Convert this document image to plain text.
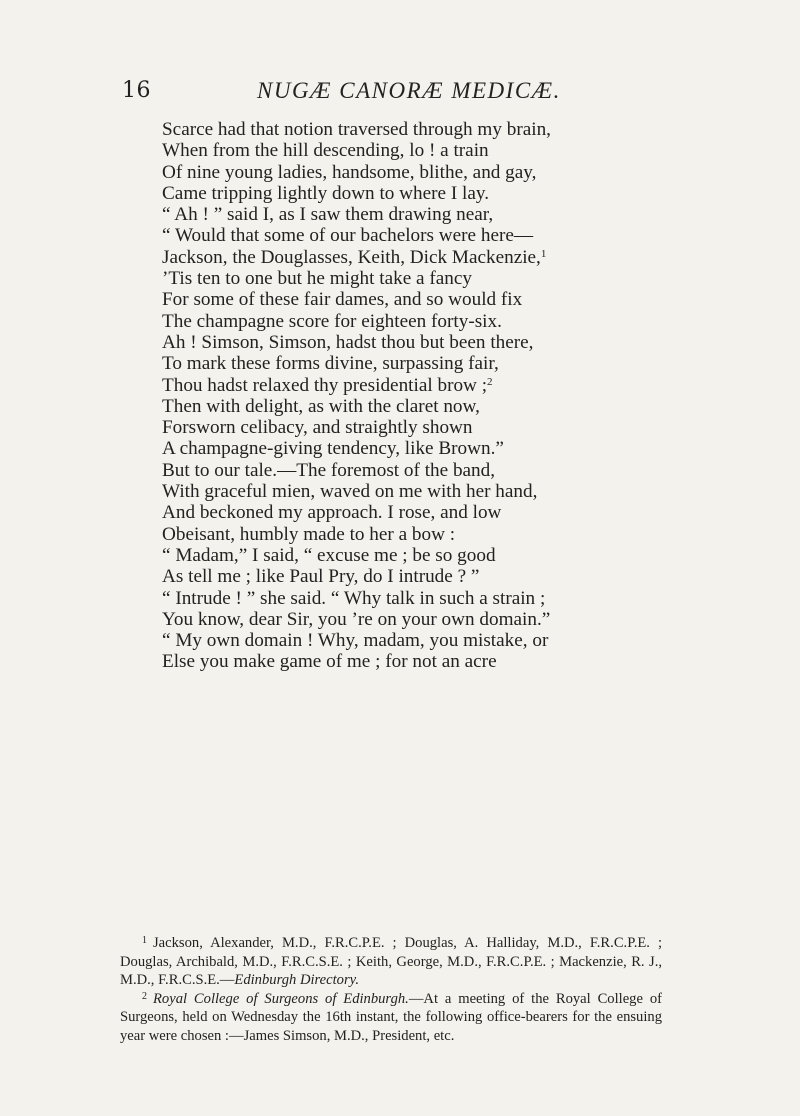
16	NUGÆ CANORÆ MEDICÆ.
Scarce had that notion traversed through my brain,
When from the hill descending, lo ! a train
Of nine young ladies, handsome, blithe, and gay,
Came tripping lightly down to where I lay.
“ Ah ! ” said I, as I saw them drawing near,
“ Would that some of our bachelors were here—
Jackson, the Douglasses, Keith, Dick Mackenzie,$^1$
’Tis ten to one but he might take a fancy
For some of these fair dames, and so would fix
The champagne score for eighteen forty-six.
Ah ! Simson, Simson, hadst thou but been there,
To mark these forms divine, surpassing fair,
Thou hadst relaxed thy presidential brow ;$^2$
Then with delight, as with the claret now,
Forsworn celibacy, and straightly shown
A champagne-giving tendency, like Brown.”
But to our tale.—The foremost of the band,
With graceful mien, waved on me with her hand,
And beckoned my approach. I rose, and low
Obeisant, humbly made to her a bow :
“ Madam,” I said, “ excuse me ; be so good
As tell me ; like Paul Pry, do I intrude ? ”
“ Intrude ! ” she said. “ Why talk in such a strain ;
You know, dear Sir, you ’re on your own domain.”
“ My own domain ! Why, madam, you mistake, or
Else you make game of me ; for not an acre

$^1$ Jackson, Alexander, M.D., F.R.C.P.E. ; Douglas, A. Halliday, M.D., F.R.C.P.E. ; Douglas, Archibald, M.D., F.R.C.S.E. ; Keith, George, M.D., F.R.C.P.E. ; Mackenzie, R. J., M.D., F.R.C.S.E.—Edinburgh Directory.

$^2$ Royal College of Surgeons of Edinburgh.—At a meeting of the Royal College of Surgeons, held on Wednesday the 16th instant, the following office-bearers for the ensuing year were chosen :—James Simson, M.D., President, etc.
